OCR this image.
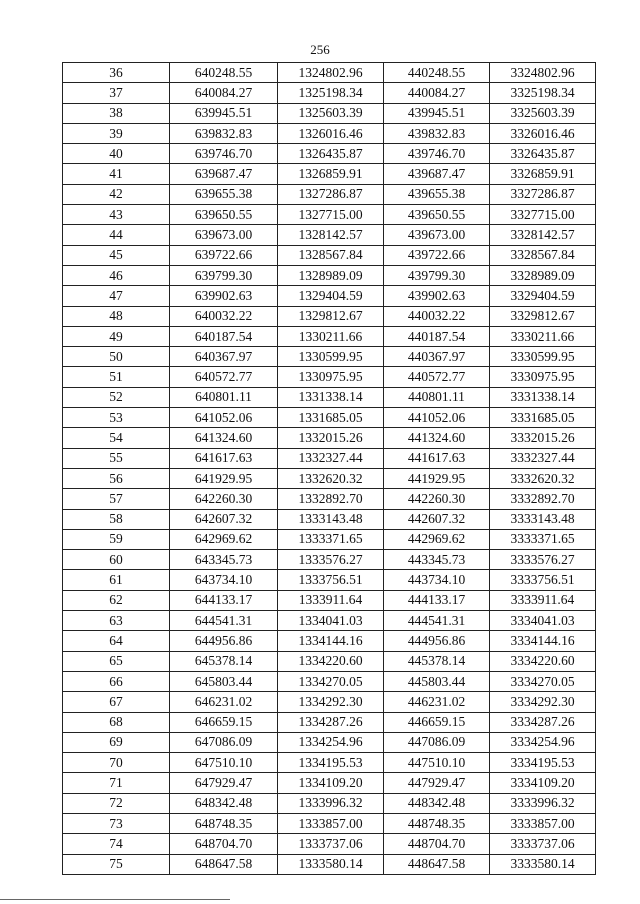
256
36	640248.55	1324802.96	440248.55	3324802.96
37	640084.27	1325198.34	440084.27	3325198.34
38	639945.51	1325603.39	439945.51	3325603.39
39	639832.83	1326016.46	439832.83	3326016.46
40	639746.70	1326435.87	439746.70	3326435.87
41	639687.47	1326859.91	439687.47	3326859.91
42	639655.38	1327286.87	439655.38	3327286.87
43	639650.55	1327715.00	439650.55	3327715.00
44	639673.00	1328142.57	439673.00	3328142.57
45	639722.66	1328567.84	439722.66	3328567.84
46	639799.30	1328989.09	439799.30	3328989.09
47	639902.63	1329404.59	439902.63	3329404.59
48	640032.22	1329812.67	440032.22	3329812.67
49	640187.54	1330211.66	440187.54	3330211.66
50	640367.97	1330599.95	440367.97	3330599.95
51	640572.77	1330975.95	440572.77	3330975.95
52	640801.11	1331338.14	440801.11	3331338.14
53	641052.06	1331685.05	441052.06	3331685.05
54	641324.60	1332015.26	441324.60	3332015.26
55	641617.63	1332327.44	441617.63	3332327.44
56	641929.95	1332620.32	441929.95	3332620.32
57	642260.30	1332892.70	442260.30	3332892.70
58	642607.32	1333143.48	442607.32	3333143.48
59	642969.62	1333371.65	442969.62	3333371.65
60	643345.73	1333576.27	443345.73	3333576.27
61	643734.10	1333756.51	443734.10	3333756.51
62	644133.17	1333911.64	444133.17	3333911.64
63	644541.31	1334041.03	444541.31	3334041.03
64	644956.86	1334144.16	444956.86	3334144.16
65	645378.14	1334220.60	445378.14	3334220.60
66	645803.44	1334270.05	445803.44	3334270.05
67	646231.02	1334292.30	446231.02	3334292.30
68	646659.15	1334287.26	446659.15	3334287.26
69	647086.09	1334254.96	447086.09	3334254.96
70	647510.10	1334195.53	447510.10	3334195.53
71	647929.47	1334109.20	447929.47	3334109.20
72	648342.48	1333996.32	448342.48	3333996.32
73	648748.35	1333857.00	448748.35	3333857.00
74	648704.70	1333737.06	448704.70	3333737.06
75	648647.58	1333580.14	448647.58	3333580.14
